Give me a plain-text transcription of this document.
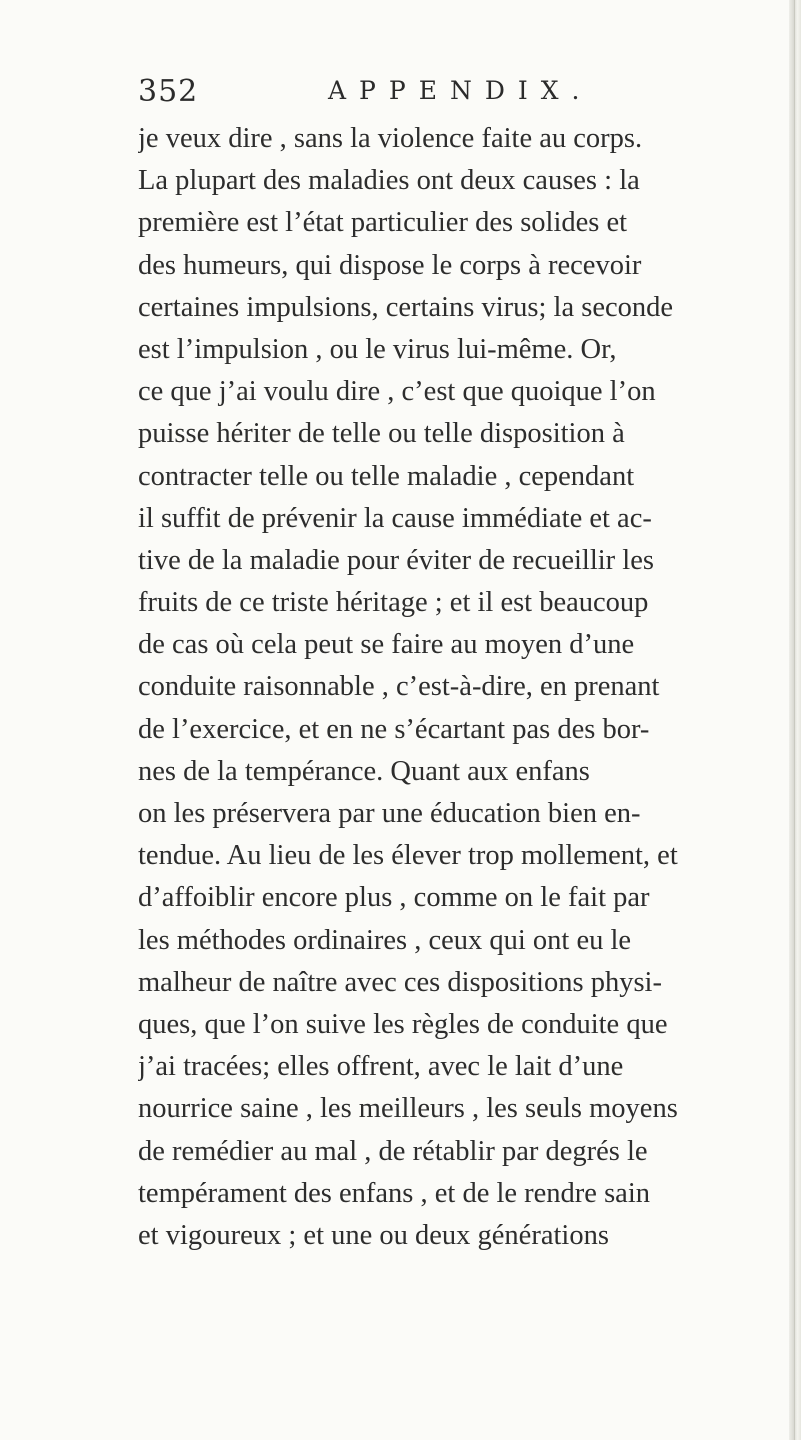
352	APPENDIX.
je veux dire , sans la violence faite au corps.
La plupart des maladies ont deux causes : la
première est l’état particulier des solides et
des humeurs, qui dispose le corps à recevoir
certaines impulsions, certains virus; la seconde
est l’impulsion , ou le virus lui-même. Or,
ce que j’ai voulu dire , c’est que quoique l’on
puisse hériter de telle ou telle disposition à
contracter telle ou telle maladie , cependant
il suffit de prévenir la cause immédiate et ac-
tive de la maladie pour éviter de recueillir les
fruits de ce triste héritage ; et il est beaucoup
de cas où cela peut se faire au moyen d’une
conduite raisonnable , c’est-à-dire, en prenant
de l’exercice, et en ne s’écartant pas des bor-
nes de la tempérance. Quant aux enfans
on les préservera par une éducation bien en-
tendue. Au lieu de les élever trop mollement, et
d’affoiblir encore plus , comme on le fait par
les méthodes ordinaires , ceux qui ont eu le
malheur de naître avec ces dispositions physi-
ques, que l’on suive les règles de conduite que
j’ai tracées; elles offrent, avec le lait d’une
nourrice saine , les meilleurs , les seuls moyens
de remédier au mal , de rétablir par degrés le
tempérament des enfans , et de le rendre sain
et vigoureux ; et une ou deux générations
